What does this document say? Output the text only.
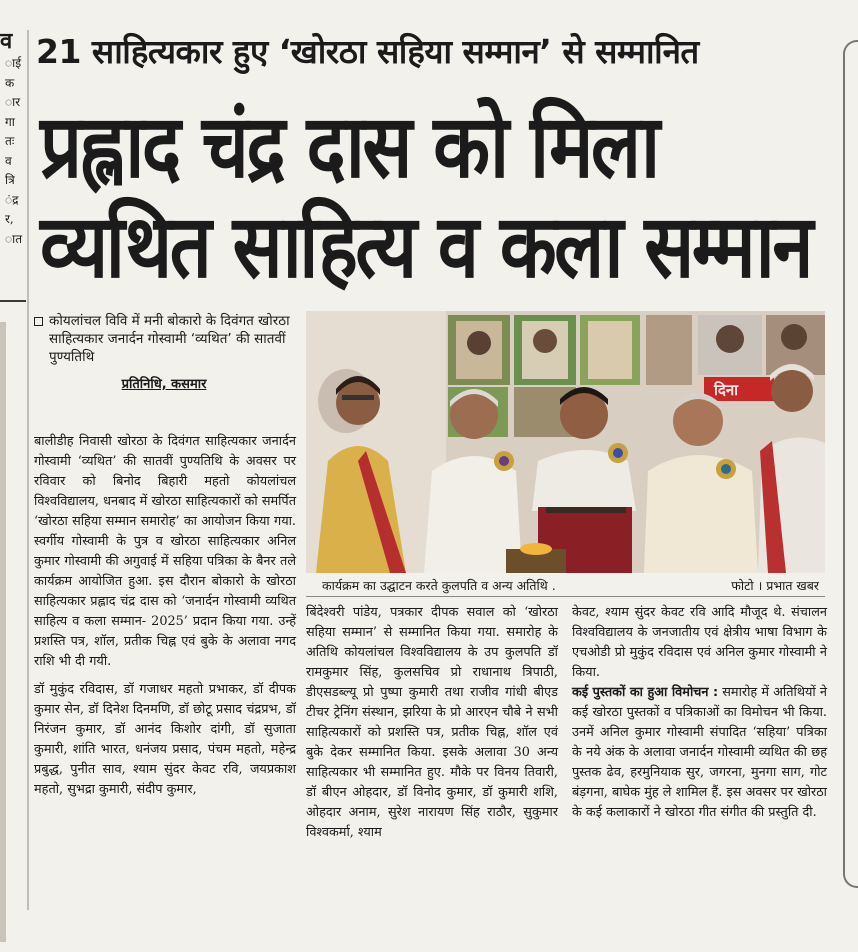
व
ाई
क
ार
गा
तः
व
त्रि
ंद्र
र,
ात
21 साहित्यकार हुए ‘खोरठा सहिया सम्मान’ से सम्मानित
प्रह्लाद चंद्र दास को मिला
व्यथित साहित्य व कला सम्मान
कोयलांचल विवि में मनी बोकारो के दिवंगत खोरठा साहित्यकार जनार्दन गोस्वामी ‘व्यथित’ की सातवीं पुण्यतिथि
प्रतिनिधि, कसमार	दिना
कार्यक्रम का उद्घाटन करते कुलपति व अन्य अतिथि .	फोटो । प्रभात खबर

बालीडीह निवासी खोरठा के दिवंगत साहित्यकार जनार्दन गोस्वामी ‘व्यथित’ की सातवीं पुण्यतिथि के अवसर पर रविवार को बिनोद बिहारी महतो कोयलांचल विश्वविद्यालय, धनबाद में खोरठा साहित्यकारों को समर्पित ‘खोरठा सहिया सम्मान समारोह’ का आयोजन किया गया. स्वर्गीय गोस्वामी के पुत्र व खोरठा साहित्यकार अनिल कुमार गोस्वामी की अगुवाई में सहिया पत्रिका के बैनर तले कार्यक्रम आयोजित हुआ. इस दौरान बोकारो के खोरठा साहित्यकार प्रह्लाद चंद्र दास को ‘जनार्दन गोस्वामी व्यथित साहित्य व कला सम्मान- 2025’ प्रदान किया गया. उन्हें प्रशस्ति पत्र, शॉल, प्रतीक चिह्न एवं बुके के अलावा नगद राशि भी दी गयी.

डॉ मुकुंद रविदास, डॉ गजाधर महतो प्रभाकर, डॉ दीपक कुमार सेन, डॉ दिनेश दिनमणि, डॉ छोटू प्रसाद चंद्रप्रभ, डॉ निरंजन कुमार, डॉ आनंद किशोर दांगी, डॉ सुजाता कुमारी, शांति भारत, धनंजय प्रसाद, पंचम महतो, महेन्द्र प्रबुद्ध, पुनीत साव, श्याम सुंदर केवट रवि, जयप्रकाश महतो, सुभद्रा कुमारी, संदीप कुमार,

बिंदेश्वरी पांडेय, पत्रकार दीपक सवाल को ‘खोरठा सहिया सम्मान’ से सम्मानित किया गया. समारोह के अतिथि कोयलांचल विश्वविद्यालय के उप कुलपति डॉ रामकुमार सिंह, कुलसचिव प्रो राधानाथ त्रिपाठी, डीएसडब्ल्यू प्रो पुष्पा कुमारी तथा राजीव गांधी बीएड टीचर ट्रेनिंग संस्थान, झरिया के प्रो आरएन चौबे ने सभी साहित्यकारों को प्रशस्ति पत्र, प्रतीक चिह्न, शॉल एवं बुके देकर सम्मानित किया. इसके अलावा 30 अन्य साहित्यकार भी सम्मानित हुए. मौके पर विनय तिवारी, डॉ बीएन ओहदार, डॉ विनोद कुमार, डॉ कुमारी शशि, ओहदार अनाम, सुरेश नारायण सिंह राठौर, सुकुमार विश्वकर्मा, श्याम

केवट, श्याम सुंदर केवट रवि आदि मौजूद थे. संचालन विश्वविद्यालय के जनजातीय एवं क्षेत्रीय भाषा विभाग के एचओडी प्रो मुकुंद रविदास एवं अनिल कुमार गोस्वामी ने किया.

कई पुस्तकों का हुआ विमोचन : समारोह में अतिथियों ने कई खोरठा पुस्तकों व पत्रिकाओं का विमोचन भी किया. उनमें अनिल कुमार गोस्वामी संपादित ‘सहिया’ पत्रिका के नये अंक के अलावा जनार्दन गोस्वामी व्यथित की छह पुस्तक ढेव, हरमुनियाक सुर, जगरना, मुनगा साग, गोट बंड़गना, बाघेक मुंह ले शामिल हैं. इस अवसर पर खोरठा के कई कलाकारों ने खोरठा गीत संगीत की प्रस्तुति दी.
